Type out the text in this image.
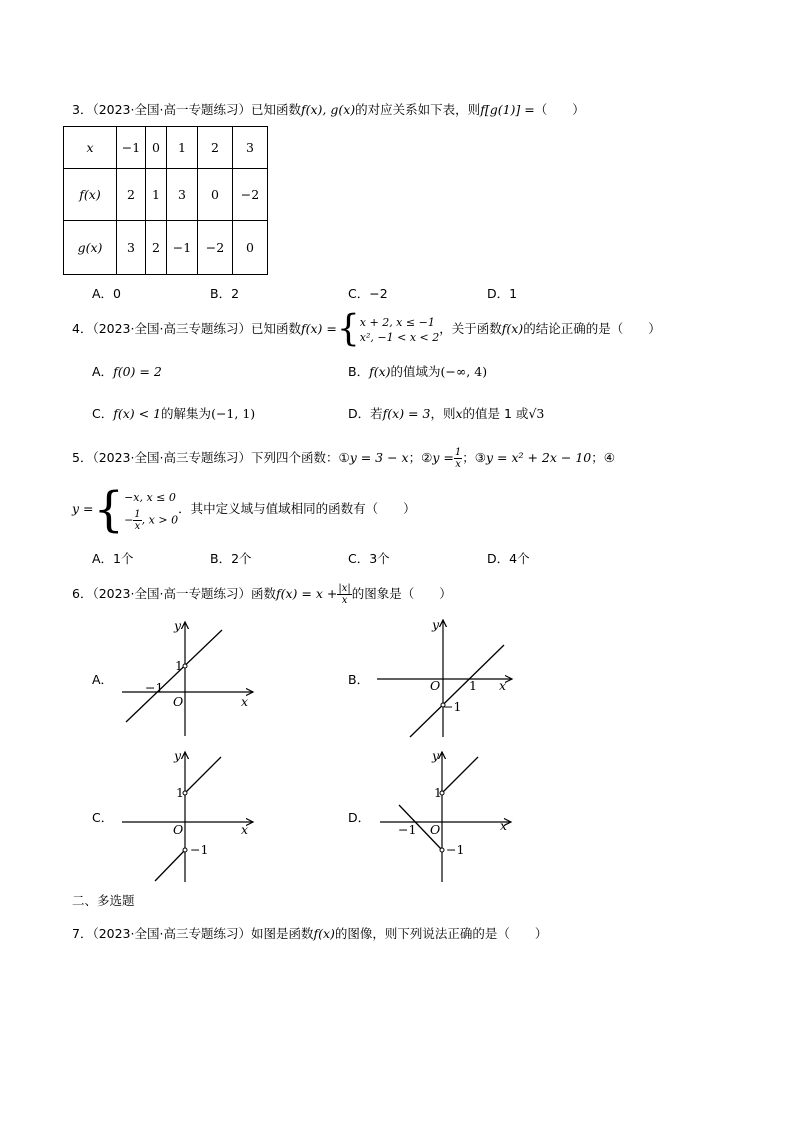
3．（2023·全国·高一专题练习）已知函数f(x), g(x)的对应关系如下表，则f[g(1)] =（　　）
x	−1	0	1	2	3
f(x)	2	1	3	0	−2
g(x)	3	2	−1	−2	0
A．0	B．2	C．−2	D．1
4．（2023·全国·高三专题练习）已知函数f(x) ={x + 2, x ≤ −1
x², −1 < x < 2，关于函数f(x)的结论正确的是（　　）
A．f(0) = 2	B．f(x)的值域为(−∞, 4)
C．f(x) < 1的解集为(−1, 1)	D．若f(x) = 3，则x的值是 1 或√3
5．（2023·全国·高三专题练习）下列四个函数：①y = 3 − x；②y = $\frac{1}{x}$ ；③y = x² + 2x − 10；④
y ={−x, x ≤ 0
− $\frac{1}{x}$ , x > 0．其中定义域与值域相同的函数有（　　）
A．1个	B．2个	C．3个	D．4个
6．（2023·全国·高一专题练习）函数$f(x) = x + \frac{|x|}{x}$ 的图象是（　　）
A．
x
y
O
1
−1
B．	x
y
O 1
−1
C．
x
y
O
1
−1
D．
x
y
O
1
−1
−1
二、多选题
7．（2023·全国·高三专题练习）如图是函数f(x)的图像，则下列说法正确的是（　　）
